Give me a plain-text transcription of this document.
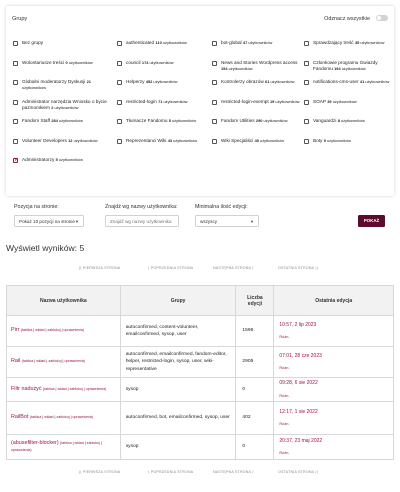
Grupy	Odznacz wszystkie
Bez grupy	authenticated 110 użytkowników	bot-global 47 użytkowników	Sprawdzający treść 35 użytkowników
Wolontariusze treści 0 użytkowników	council 174 użytkowników	News and Stories Wordpress access 154 użytkowników
Członkowie programu Gwiazdy Fandomu 194 użytkowników
Globalni moderatorzy Dyskusji 21 użytkowników
Helperzy 452 użytkowników	Kontrolerzy obrazów 61 użytkowników	notifications-cms-user 41 użytkowników
Administrator narzędzia Wniosku o bycie pazmomkiem 2 użytkowników
restricted-login 71 użytkowników	restricted-login-exempt 19 użytkowników	SOAP 39 użytkowników
Fandom Staff 284 użytkowników	Tłumacze Fandomu 5 użytkowników	Fandom Utilities 290 użytkowników	Vanguardzi 8 użytkowników
Volunteer Developers 12 użytkowników	Reprezentanci Wiki 43 użytkowników	Wiki Specjaliści 40 użytkowników	Boty 9 użytkowników
✓
Administratorzy 5 użytkowników
Pozycja na stronie:
Pokaż 10 pozycji na stronie ▼
Znajdź wg nazwy użytkownika:
Znajdź wg nazwy użytkownika	Minimalna ilość edycji:
wszyscy	▼	POKAŻ
Wyświetl wyników: 5
|⟨ PIERWSZA STRONA	⟨ POPRZEDNIA STRONA	NASTĘPNA STRONA ⟩	OSTATNIA STRONA ⟩|
Nazwa użytkownika	Grupy	Liczba edycji	Ostatnia edycja
Pirr (tablica | wkład | zablokuj | uprawnienia)	autoconfirmed, content-volunteer, emailconfirmed, sysop, user	1596	10:57, 2 lip 2023
Różn.

Rail (tablica | wkład | zablokuj | uprawnienia)	autoconfirmed, emailconfirmed, fandom-editor, helper, restricted-login, sysop, user, wiki-representative	2905	07:01, 28 cze 2023
Różn.

Filtr nadużyć (tablica | wkład | zablokuj | uprawnienia)	sysop	0	09:28, 6 sie 2022
Różn.

RailBot (tablica | wkład | zablokuj | uprawnienia)	autoconfirmed, bot, emailconfirmed, sysop, user	402	12:17, 1 sie 2022
Różn.

(abusefilter-blocker) (tablica | wkład | zablokuj | uprawnienia)	sysop	0	20:37, 23 maj 2022
Różn.
|⟨ PIERWSZA STRONA	⟨ POPRZEDNIA STRONA	NASTĘPNA STRONA ⟩	OSTATNIA STRONA ⟩|
